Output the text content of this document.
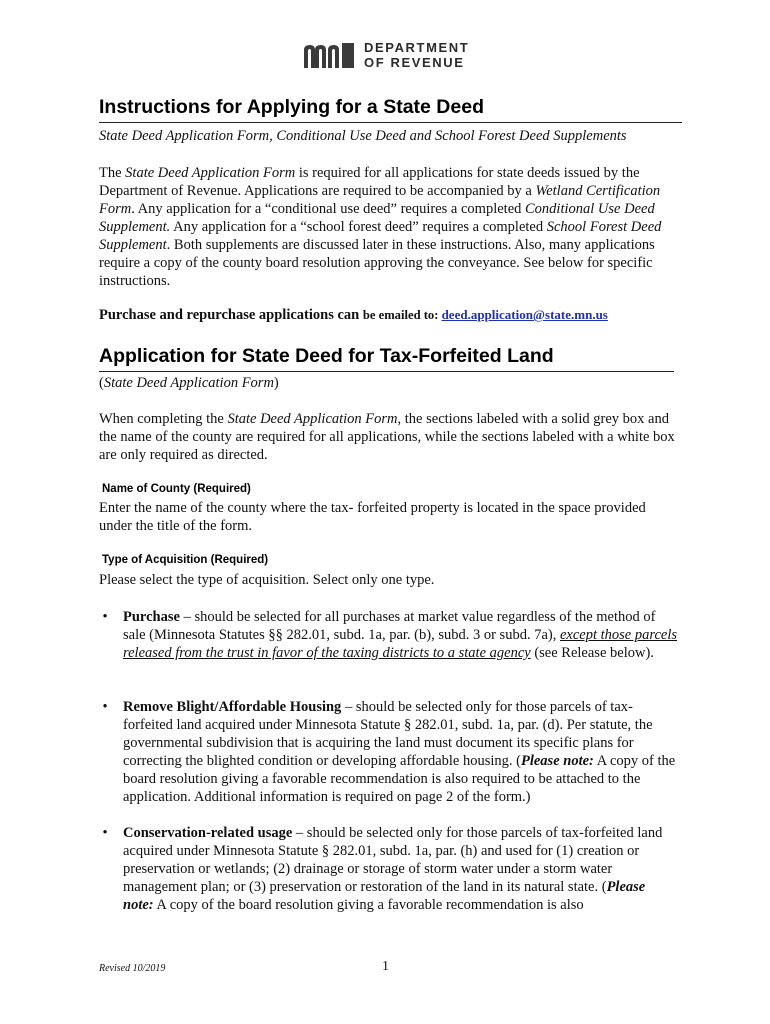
mn	DEPARTMENT
OF REVENUE
Instructions for Applying for a State Deed
State Deed Application Form, Conditional Use Deed and School Forest Deed Supplements

The State Deed Application Form is required for all applications for state deeds issued by the Department of Revenue. Applications are required to be accompanied by a Wetland Certification Form. Any application for a “conditional use deed” requires a completed Conditional Use Deed Supplement. Any application for a “school forest deed” requires a completed School Forest Deed Supplement. Both supplements are discussed later in these instructions. Also, many applications require a copy of the county board resolution approving the conveyance. See below for specific instructions.

Purchase and repurchase applications can be emailed to: deed.application@state.mn.us
Application for State Deed for Tax-Forfeited Land
(State Deed Application Form)

When completing the State Deed Application Form, the sections labeled with a solid grey box and the name of the county are required for all applications, while the sections labeled with a white box are only required as directed.

Name of County (Required)

Enter the name of the county where the tax- forfeited property is located in the space provided under the title of the form.

Type of Acquisition (Required)

Please select the type of acquisition. Select only one type.

• Purchase – should be selected for all purchases at market value regardless of the method of sale (Minnesota Statutes §§ 282.01, subd. 1a, par. (b), subd. 3 or subd. 7a), except those parcels released from the trust in favor of the taxing districts to a state agency (see Release below).
• Remove Blight/Affordable Housing – should be selected only for those parcels of tax-forfeited land acquired under Minnesota Statute § 282.01, subd. 1a, par. (d). Per statute, the governmental subdivision that is acquiring the land must document its specific plans for correcting the blighted condition or developing affordable housing. (Please note: A copy of the board resolution giving a favorable recommendation is also required to be attached to the application. Additional information is required on page 2 of the form.)
• Conservation-related usage – should be selected only for those parcels of tax-forfeited land acquired under Minnesota Statute § 282.01, subd. 1a, par. (h) and used for (1) creation or preservation or wetlands; (2) drainage or storage of storm water under a storm water management plan; or (3) preservation or restoration of the land in its natural state. (Please note: A copy of the board resolution giving a favorable recommendation is also
Revised 10/2019	1
